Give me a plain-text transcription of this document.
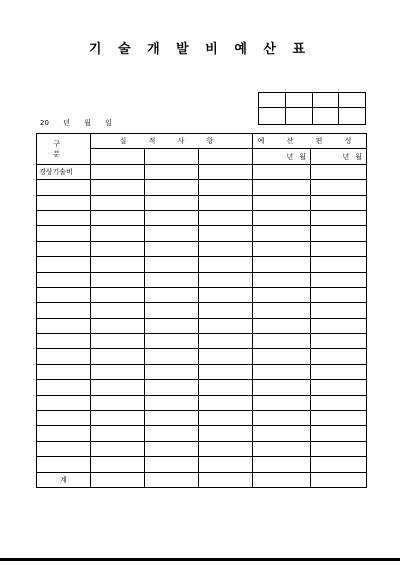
기 술 개 발 비 예 산 표

20 년 월 일
구 분	실 적 사 항			예 산 편 성	
				년 월	년 월
경상기술비					

계					
